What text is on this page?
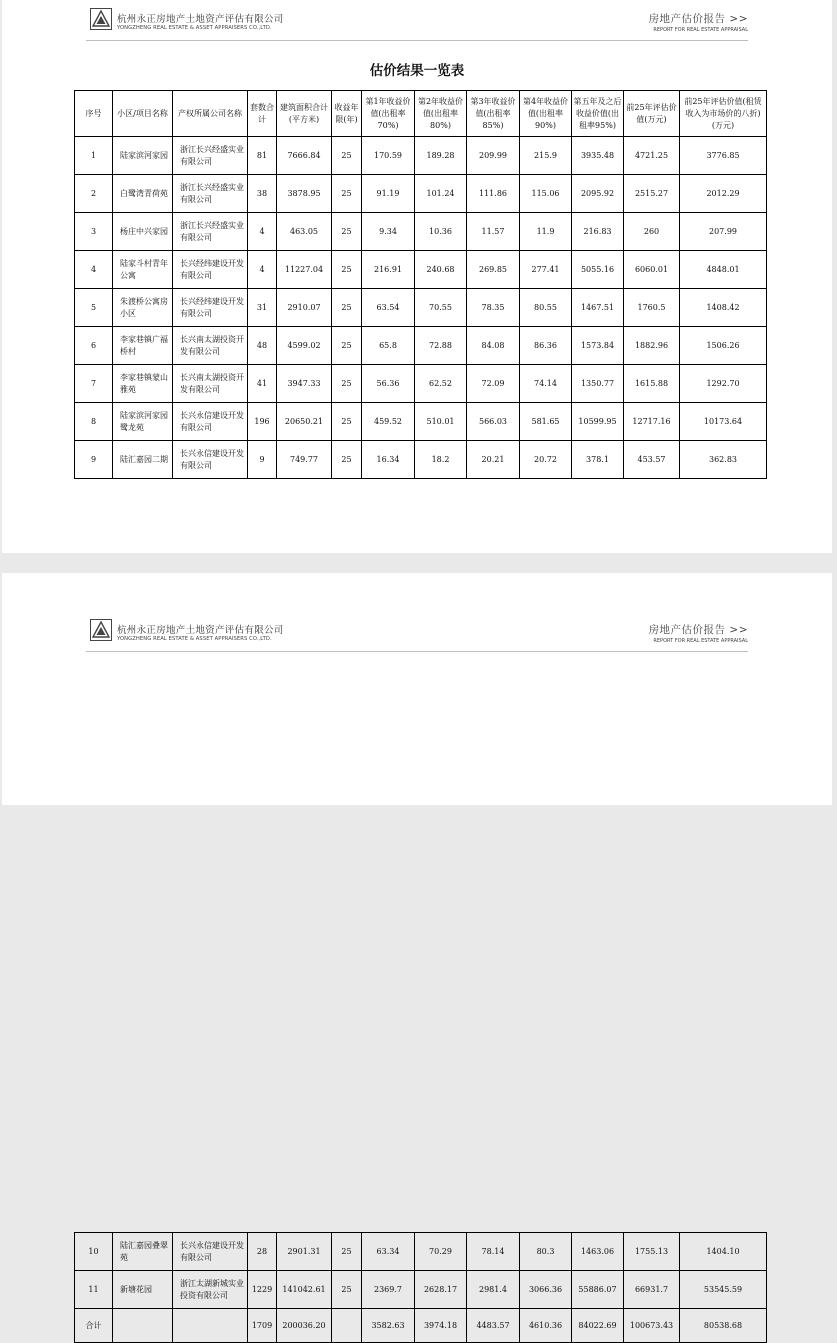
杭州永正房地产土地资产评估有限公司
YONGZHENG REAL ESTATE & ASSET APPRAISERS CO.,LTD.
房地产估价报告 >>
REPORT FOR REAL ESTATE APPRAISAL
估价结果一览表
序号	小区/项目名称	产权所属公司名称	套数合计	建筑面积合计(平方米)	收益年限(年)	第1年收益价值(出租率70%)	第2年收益价值(出租率80%)	第3年收益价值(出租率85%)	第4年收益价值(出租率90%)	第五年及之后收益价值(出租率95%)	前25年评估价值(万元)	前25年评估价值(租赁收入为市场价的八折)(万元)
1	陆家滨河家园	浙江长兴经盛实业有限公司	81	7666.84	25	170.59	189.28	209.99	215.9	3935.48	4721.25	3776.85
2	白鹭湾青荷苑	浙江长兴经盛实业有限公司	38	3878.95	25	91.19	101.24	111.86	115.06	2095.92	2515.27	2012.29
3	杨庄中兴家园	浙江长兴经盛实业有限公司	4	463.05	25	9.34	10.36	11.57	11.9	216.83	260	207.99
4	陆家斗村青年公寓	长兴经纬建设开发有限公司	4	11227.04	25	216.91	240.68	269.85	277.41	5055.16	6060.01	4848.01
5	朱渡桥公寓房小区	长兴经纬建设开发有限公司	31	2910.07	25	63.54	70.55	78.35	80.55	1467.51	1760.5	1408.42
6	李家巷镇广福桥村	长兴南太湖投资开发有限公司	48	4599.02	25	65.8	72.88	84.08	86.36	1573.84	1882.96	1506.26
7	李家巷镇蒙山雅苑	长兴南太湖投资开发有限公司	41	3947.33	25	56.36	62.52	72.09	74.14	1350.77	1615.88	1292.70
8	陆家滨河家园鹭龙苑	长兴永信建设开发有限公司	196	20650.21	25	459.52	510.01	566.03	581.65	10599.95	12717.16	10173.64
9	陆汇嘉园二期	长兴永信建设开发有限公司	9	749.77	25	16.34	18.2	20.21	20.72	378.1	453.57	362.83
杭州永正房地产土地资产评估有限公司
YONGZHENG REAL ESTATE & ASSET APPRAISERS CO.,LTD.
房地产估价报告 >>
REPORT FOR REAL ESTATE APPRAISAL
10	陆汇嘉园叠翠苑	长兴永信建设开发有限公司	28	2901.31	25	63.34	70.29	78.14	80.3	1463.06	1755.13	1404.10
11	新塘花园	浙江太湖新城实业投资有限公司	1229	141042.61	25	2369.7	2628.17	2981.4	3066.36	55886.07	66931.7	53545.59
合计			1709	200036.20		3582.63	3974.18	4483.57	4610.36	84022.69	100673.43	80538.68
